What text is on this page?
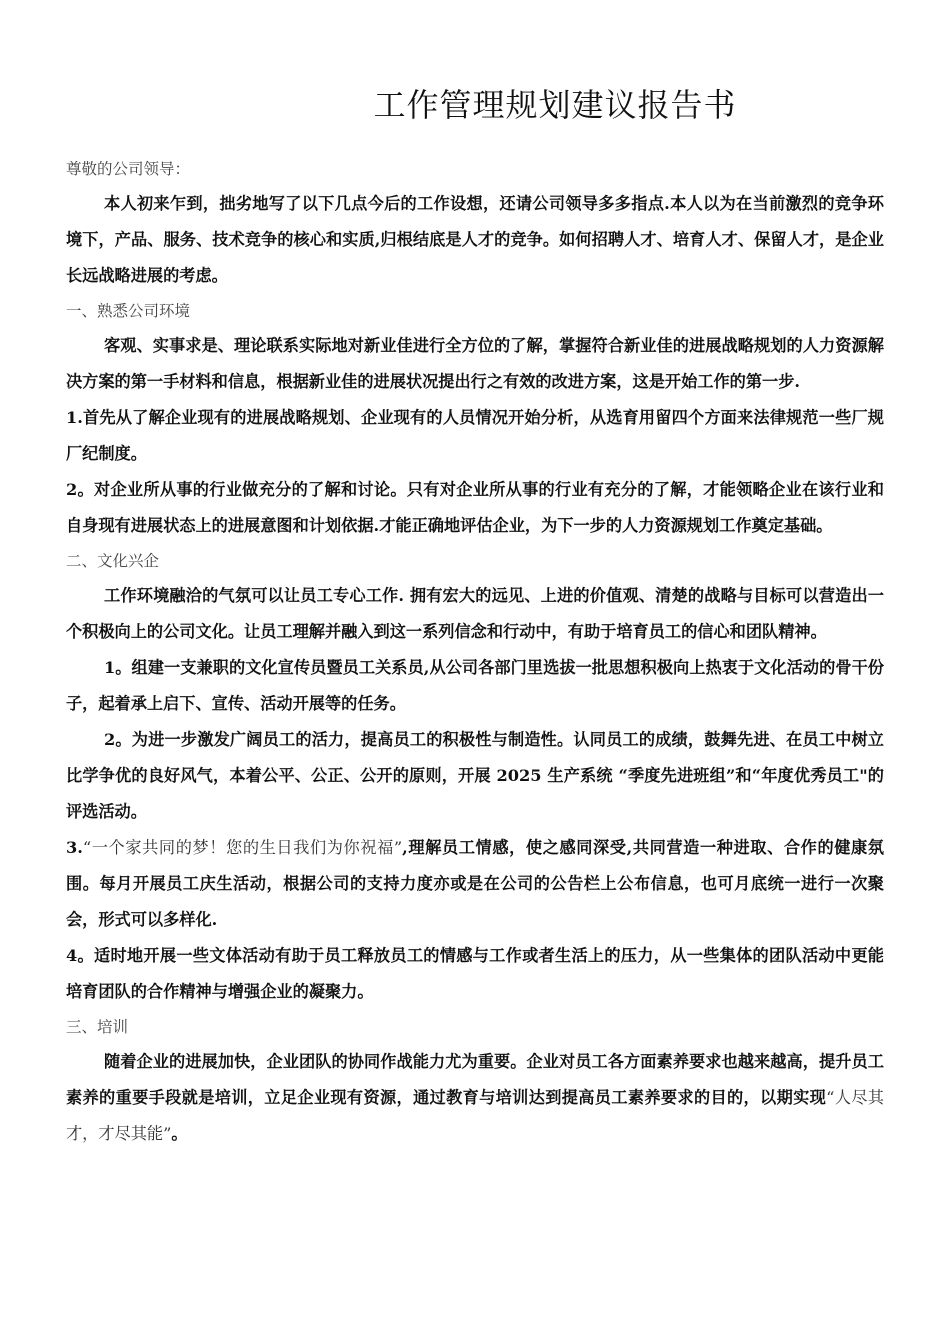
工作管理规划建议报告书

尊敬的公司领导：

本人初来乍到，拙劣地写了以下几点今后的工作设想，还请公司领导多多指点.本人以为在当前激烈的竞争环境下，产品、服务、技术竞争的核心和实质,归根结底是人才的竞争。如何招聘人才、培育人才、保留人才，是企业长远战略进展的考虑。

一、熟悉公司环境

客观、实事求是、理论联系实际地对新业佳进行全方位的了解，掌握符合新业佳的进展战略规划的人力资源解决方案的第一手材料和信息，根据新业佳的进展状况提出行之有效的改进方案，这是开始工作的第一步.

1.首先从了解企业现有的进展战略规划、企业现有的人员情况开始分析，从选育用留四个方面来法律规范一些厂规厂纪制度。

2。对企业所从事的行业做充分的了解和讨论。只有对企业所从事的行业有充分的了解，才能领略企业在该行业和自身现有进展状态上的进展意图和计划依据.才能正确地评估企业，为下一步的人力资源规划工作奠定基础。

二、文化兴企

工作环境融洽的气氛可以让员工专心工作. 拥有宏大的远见、上进的价值观、清楚的战略与目标可以营造出一个积极向上的公司文化。让员工理解并融入到这一系列信念和行动中，有助于培育员工的信心和团队精神。

1。组建一支兼职的文化宣传员暨员工关系员,从公司各部门里选拔一批思想积极向上热衷于文化活动的骨干份子，起着承上启下、宣传、活动开展等的任务。

2。为进一步激发广阔员工的活力，提高员工的积极性与制造性。认同员工的成绩，鼓舞先进、在员工中树立比学争优的良好风气，本着公平、公正、公开的原则，开展 2025 生产系统 “季度先进班组”和“年度优秀员工"的评选活动。

3.“一个家共同的梦！您的生日我们为你祝福”,理解员工情感，使之感同深受,共同营造一种进取、合作的健康氛围。每月开展员工庆生活动，根据公司的支持力度亦或是在公司的公告栏上公布信息，也可月底统一进行一次聚会，形式可以多样化.

4。适时地开展一些文体活动有助于员工释放员工的情感与工作或者生活上的压力，从一些集体的团队活动中更能培育团队的合作精神与增强企业的凝聚力。

三、培训

随着企业的进展加快，企业团队的协同作战能力尤为重要。企业对员工各方面素养要求也越来越高，提升员工素养的重要手段就是培训，立足企业现有资源，通过教育与培训达到提高员工素养要求的目的，以期实现“人尽其才，才尽其能”。
